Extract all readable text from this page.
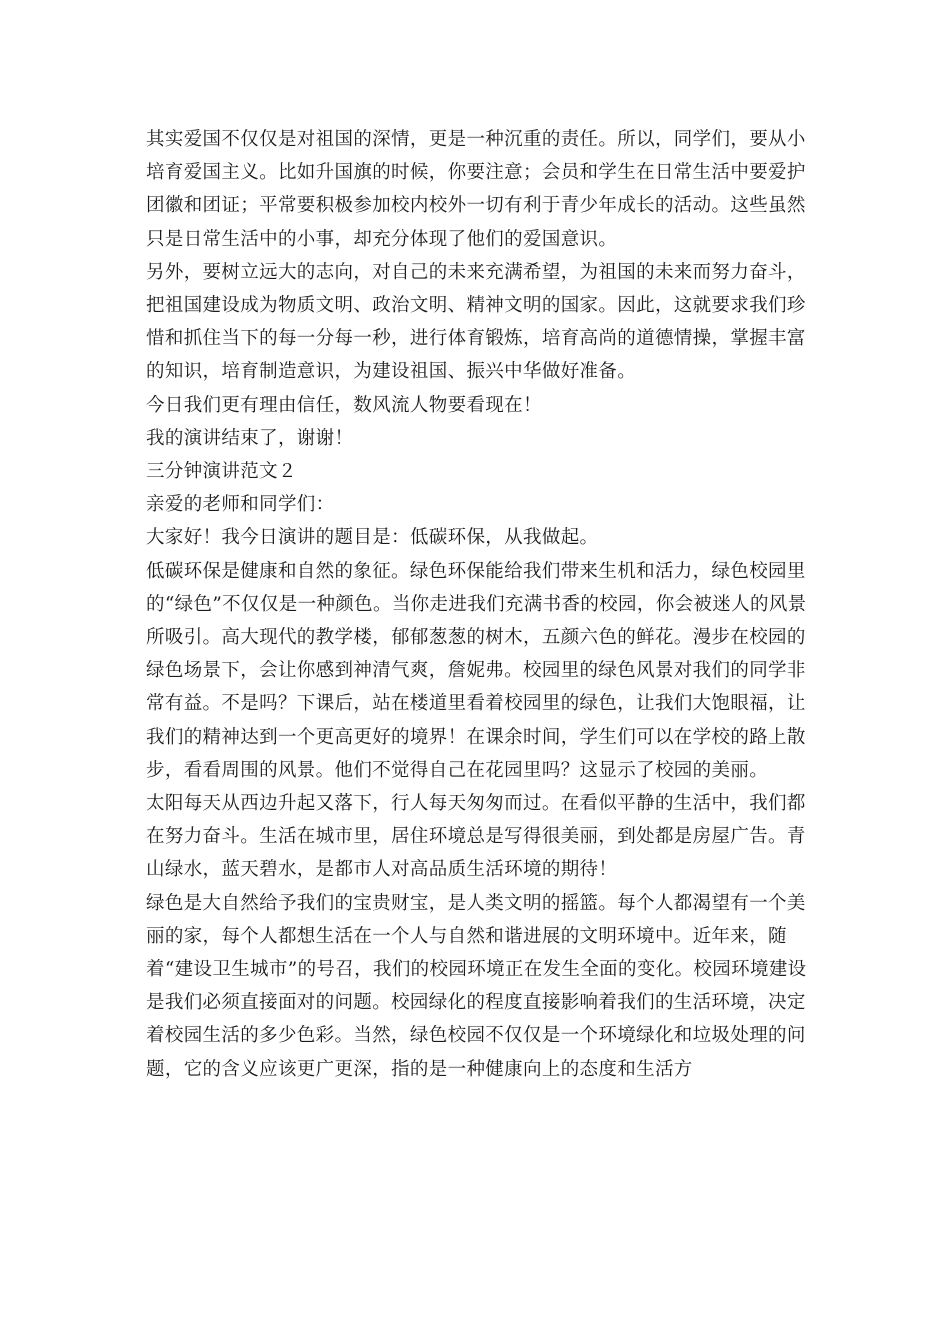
其实爱国不仅仅是对祖国的深情，更是一种沉重的责任。所以，同学们，要从小培育爱国主义。比如升国旗的时候，你要注意；会员和学生在日常生活中要爱护团徽和团证；平常要积极参加校内校外一切有利于青少年成长的活动。这些虽然只是日常生活中的小事，却充分体现了他们的爱国意识。

另外，要树立远大的志向，对自己的未来充满希望，为祖国的未来而努力奋斗，把祖国建设成为物质文明、政治文明、精神文明的国家。因此，这就要求我们珍惜和抓住当下的每一分每一秒，进行体育锻炼，培育高尚的道德情操，掌握丰富的知识，培育制造意识，为建设祖国、振兴中华做好准备。

今日我们更有理由信任，数风流人物要看现在！

我的演讲结束了，谢谢！

三分钟演讲范文２

亲爱的老师和同学们：

大家好！我今日演讲的题目是：低碳环保，从我做起。

低碳环保是健康和自然的象征。绿色环保能给我们带来生机和活力，绿色校园里的“绿色”不仅仅是一种颜色。当你走进我们充满书香的校园，你会被迷人的风景所吸引。高大现代的教学楼，郁郁葱葱的树木，五颜六色的鲜花。漫步在校园的绿色场景下，会让你感到神清气爽，詹妮弗。校园里的绿色风景对我们的同学非常有益。不是吗？下课后，站在楼道里看着校园里的绿色，让我们大饱眼福，让我们的精神达到一个更高更好的境界！在课余时间，学生们可以在学校的路上散步，看看周围的风景。他们不觉得自己在花园里吗？这显示了校园的美丽。

太阳每天从西边升起又落下，行人每天匆匆而过。在看似平静的生活中，我们都在努力奋斗。生活在城市里，居住环境总是写得很美丽，到处都是房屋广告。青山绿水，蓝天碧水，是都市人对高品质生活环境的期待！

绿色是大自然给予我们的宝贵财宝，是人类文明的摇篮。每个人都渴望有一个美丽的家，每个人都想生活在一个人与自然和谐进展的文明环境中。近年来，随着“建设卫生城市”的号召，我们的校园环境正在发生全面的变化。校园环境建设是我们必须直接面对的问题。校园绿化的程度直接影响着我们的生活环境，决定着校园生活的多少色彩。当然，绿色校园不仅仅是一个环境绿化和垃圾处理的问题，它的含义应该更广更深，指的是一种健康向上的态度和生活方
